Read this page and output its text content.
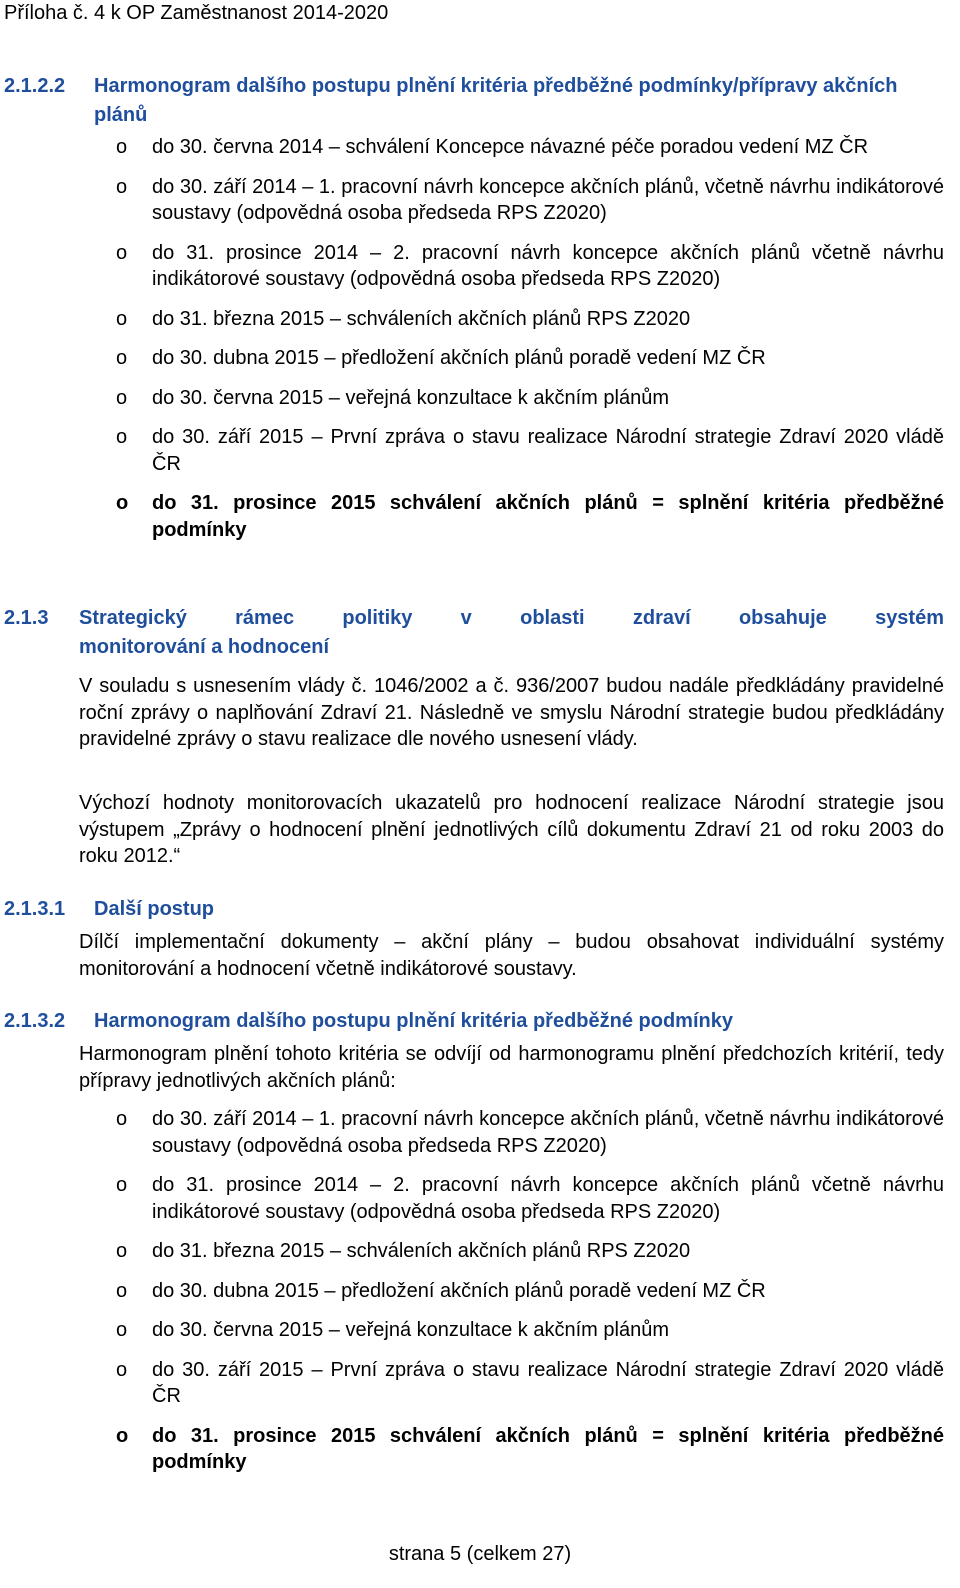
Příloha č. 4 k OP Zaměstnanost 2014-2020
2.1.2.2 Harmonogram dalšího postupu plnění kritéria předběžné podmínky/přípravy akčních plánů
o do 30. června 2014 – schválení Koncepce návazné péče poradou vedení MZ ČR
o do 30. září 2014 – 1. pracovní návrh koncepce akčních plánů, včetně návrhu indikátorové soustavy (odpovědná osoba předseda RPS Z2020)
o do 31. prosince 2014 – 2. pracovní návrh koncepce akčních plánů včetně návrhu indikátorové soustavy (odpovědná osoba předseda RPS Z2020)
o do 31. března 2015 – schváleních akčních plánů RPS Z2020
o do 30. dubna 2015 – předložení akčních plánů poradě vedení MZ ČR
o do 30. června 2015 – veřejná konzultace k akčním plánům
o do 30. září 2015 – První zpráva o stavu realizace Národní strategie Zdraví 2020 vládě ČR
o do 31. prosince 2015 schválení akčních plánů = splnění kritéria předběžné podmínky
2.1.3 Strategický rámec politiky v oblasti zdraví obsahuje systém
monitorování a hodnocení

V souladu s usnesením vlády č. 1046/2002 a č. 936/2007 budou nadále předkládány pravidelné roční zprávy o naplňování Zdraví 21. Následně ve smyslu Národní strategie budou předkládány pravidelné zprávy o stavu realizace dle nového usnesení vlády.

Výchozí hodnoty monitorovacích ukazatelů pro hodnocení realizace Národní strategie jsou výstupem „Zprávy o hodnocení plnění jednotlivých cílů dokumentu Zdraví 21 od roku 2003 do roku 2012.“

2.1.3.1 Další postup

Dílčí implementační dokumenty – akční plány – budou obsahovat individuální systémy monitorování a hodnocení včetně indikátorové soustavy.

2.1.3.2 Harmonogram dalšího postupu plnění kritéria předběžné podmínky

Harmonogram plnění tohoto kritéria se odvíjí od harmonogramu plnění předchozích kritérií, tedy přípravy jednotlivých akčních plánů:

o do 30. září 2014 – 1. pracovní návrh koncepce akčních plánů, včetně návrhu indikátorové soustavy (odpovědná osoba předseda RPS Z2020)
o do 31. prosince 2014 – 2. pracovní návrh koncepce akčních plánů včetně návrhu indikátorové soustavy (odpovědná osoba předseda RPS Z2020)
o do 31. března 2015 – schváleních akčních plánů RPS Z2020
o do 30. dubna 2015 – předložení akčních plánů poradě vedení MZ ČR
o do 30. června 2015 – veřejná konzultace k akčním plánům
o do 30. září 2015 – První zpráva o stavu realizace Národní strategie Zdraví 2020 vládě ČR
o do 31. prosince 2015 schválení akčních plánů = splnění kritéria předběžné podmínky
strana 5 (celkem 27)
